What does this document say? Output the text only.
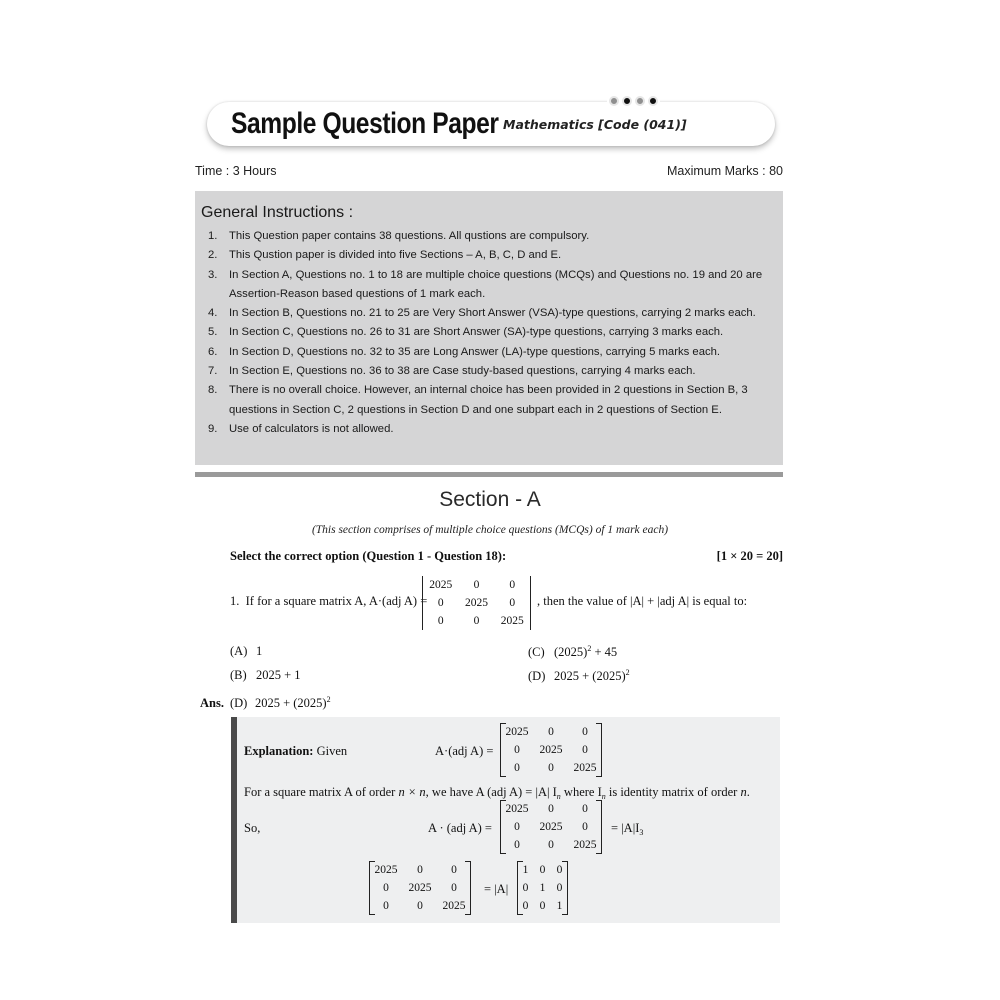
Sample Question Paper Mathematics [Code (041)]
Time : 3 Hours	Maximum Marks : 80
General Instructions :
1.	This Question paper contains 38 questions. All qustions are compulsory.
2.	This Qustion paper is divided into five Sections – A, B, C, D and E.
3.	In Section A, Questions no. 1 to 18 are multiple choice questions (MCQs) and Questions no. 19 and 20 are Assertion-Reason based questions of 1 mark each.
4.	In Section B, Questions no. 21 to 25 are Very Short Answer (VSA)-type questions, carrying 2 marks each.
5.	In Section C, Questions no. 26 to 31 are Short Answer (SA)-type questions, carrying 3 marks each.
6.	In Section D, Questions no. 32 to 35 are Long Answer (LA)-type questions, carrying 5 marks each.
7.	In Section E, Questions no. 36 to 38 are Case study-based questions, carrying 4 marks each.
8.	There is no overall choice. However, an internal choice has been provided in 2 questions in Section B, 3 questions in Section C, 2 questions in Section D and one subpart each in 2 questions of Section E.
9.	Use of calculators is not allowed.
Section - A
(This section comprises of multiple choice questions (MCQs) of 1 mark each)
Select the correct option (Question 1 - Question 18):	[1 × 20 = 20]
1. If for a square matrix A, A·(adj A) =
2025	0	0
0	2025	0
0	0	2025
, then the value of |A| + |adj A| is equal to:
(A) 1
(B) 2025 + 1
(C) $(2025)^2 + 45$
(D) $2025 + (2025)^2$
Ans. (D) $2025 + (2025)^2$
Explanation: Given	A·(adj A) =
2025	0	0
0	2025	0
0	0	2025

For a square matrix A of order n × n, we have A (adj A) = |A| $I_n$ where $I_n$ is identity matrix of order n.
So,	A · (adj A) =
2025	0	0
0	2025	0
0	0	2025

= $|A|I_3$
2025	0	0
0	2025	0
0	0	2025

= |A|
1	0	0
0	1	0
0	0	1
